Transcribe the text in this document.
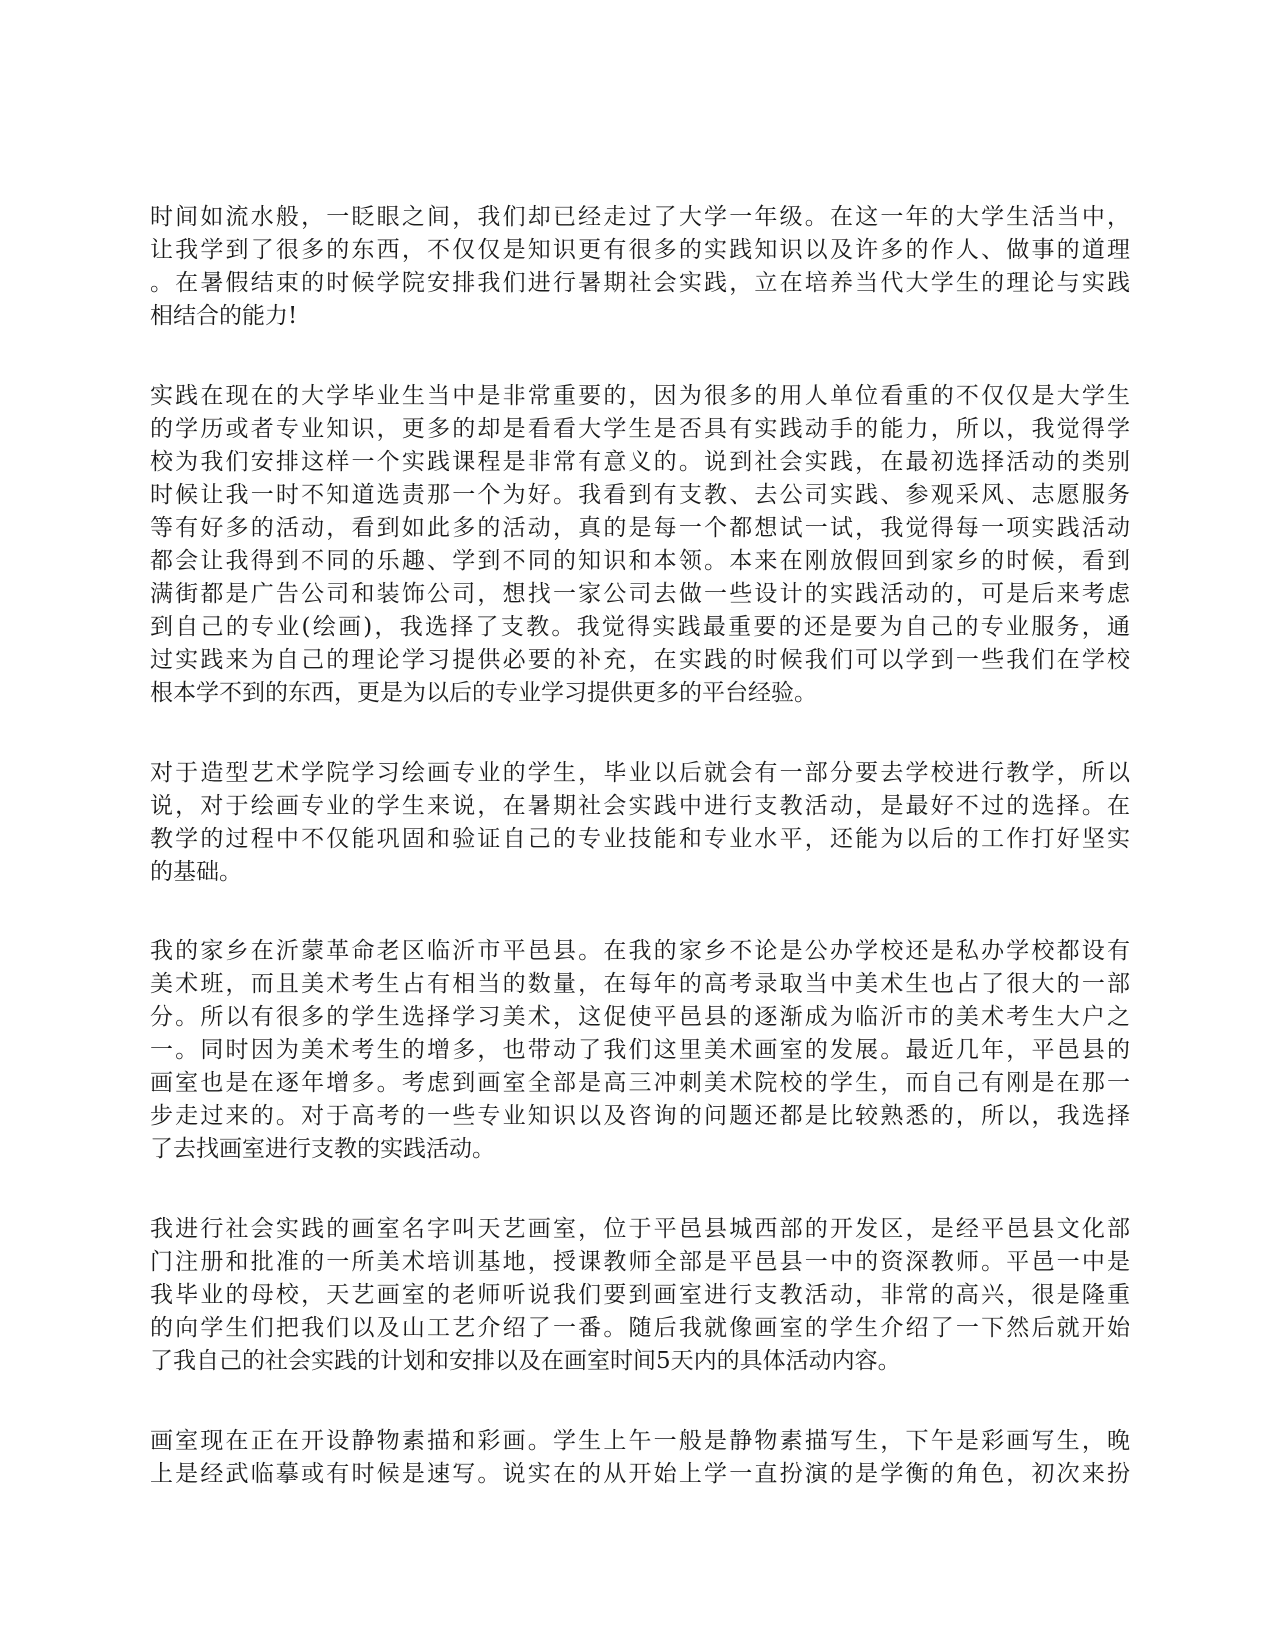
时间如流水般，一眨眼之间，我们却已经走过了大学一年级。在这一年的大学生活当中，
让我学到了很多的东西，不仅仅是知识更有很多的实践知识以及许多的作人、做事的道理
。在暑假结束的时候学院安排我们进行暑期社会实践，立在培养当代大学生的理论与实践
相结合的能力!

实践在现在的大学毕业生当中是非常重要的，因为很多的用人单位看重的不仅仅是大学生
的学历或者专业知识，更多的却是看看大学生是否具有实践动手的能力，所以，我觉得学
校为我们安排这样一个实践课程是非常有意义的。说到社会实践，在最初选择活动的类别
时候让我一时不知道选责那一个为好。我看到有支教、去公司实践、参观采风、志愿服务
等有好多的活动，看到如此多的活动，真的是每一个都想试一试，我觉得每一项实践活动
都会让我得到不同的乐趣、学到不同的知识和本领。本来在刚放假回到家乡的时候，看到
满街都是广告公司和装饰公司，想找一家公司去做一些设计的实践活动的，可是后来考虑
到自己的专业(绘画)，我选择了支教。我觉得实践最重要的还是要为自己的专业服务，通
过实践来为自己的理论学习提供必要的补充，在实践的时候我们可以学到一些我们在学校
根本学不到的东西，更是为以后的专业学习提供更多的平台经验。

对于造型艺术学院学习绘画专业的学生，毕业以后就会有一部分要去学校进行教学，所以
说，对于绘画专业的学生来说，在暑期社会实践中进行支教活动，是最好不过的选择。在
教学的过程中不仅能巩固和验证自己的专业技能和专业水平，还能为以后的工作打好坚实
的基础。

我的家乡在沂蒙革命老区临沂市平邑县。在我的家乡不论是公办学校还是私办学校都设有
美术班，而且美术考生占有相当的数量，在每年的高考录取当中美术生也占了很大的一部
分。所以有很多的学生选择学习美术，这促使平邑县的逐渐成为临沂市的美术考生大户之
一。同时因为美术考生的增多，也带动了我们这里美术画室的发展。最近几年，平邑县的
画室也是在逐年增多。考虑到画室全部是高三冲刺美术院校的学生，而自己有刚是在那一
步走过来的。对于高考的一些专业知识以及咨询的问题还都是比较熟悉的，所以，我选择
了去找画室进行支教的实践活动。

我进行社会实践的画室名字叫天艺画室，位于平邑县城西部的开发区，是经平邑县文化部
门注册和批准的一所美术培训基地，授课教师全部是平邑县一中的资深教师。平邑一中是
我毕业的母校，天艺画室的老师听说我们要到画室进行支教活动，非常的高兴，很是隆重
的向学生们把我们以及山工艺介绍了一番。随后我就像画室的学生介绍了一下然后就开始
了我自己的社会实践的计划和安排以及在画室时间5天内的具体活动内容。

画室现在正在开设静物素描和彩画。学生上午一般是静物素描写生，下午是彩画写生，晚
上是经武临摹或有时候是速写。说实在的从开始上学一直扮演的是学衡的角色，初次来扮
